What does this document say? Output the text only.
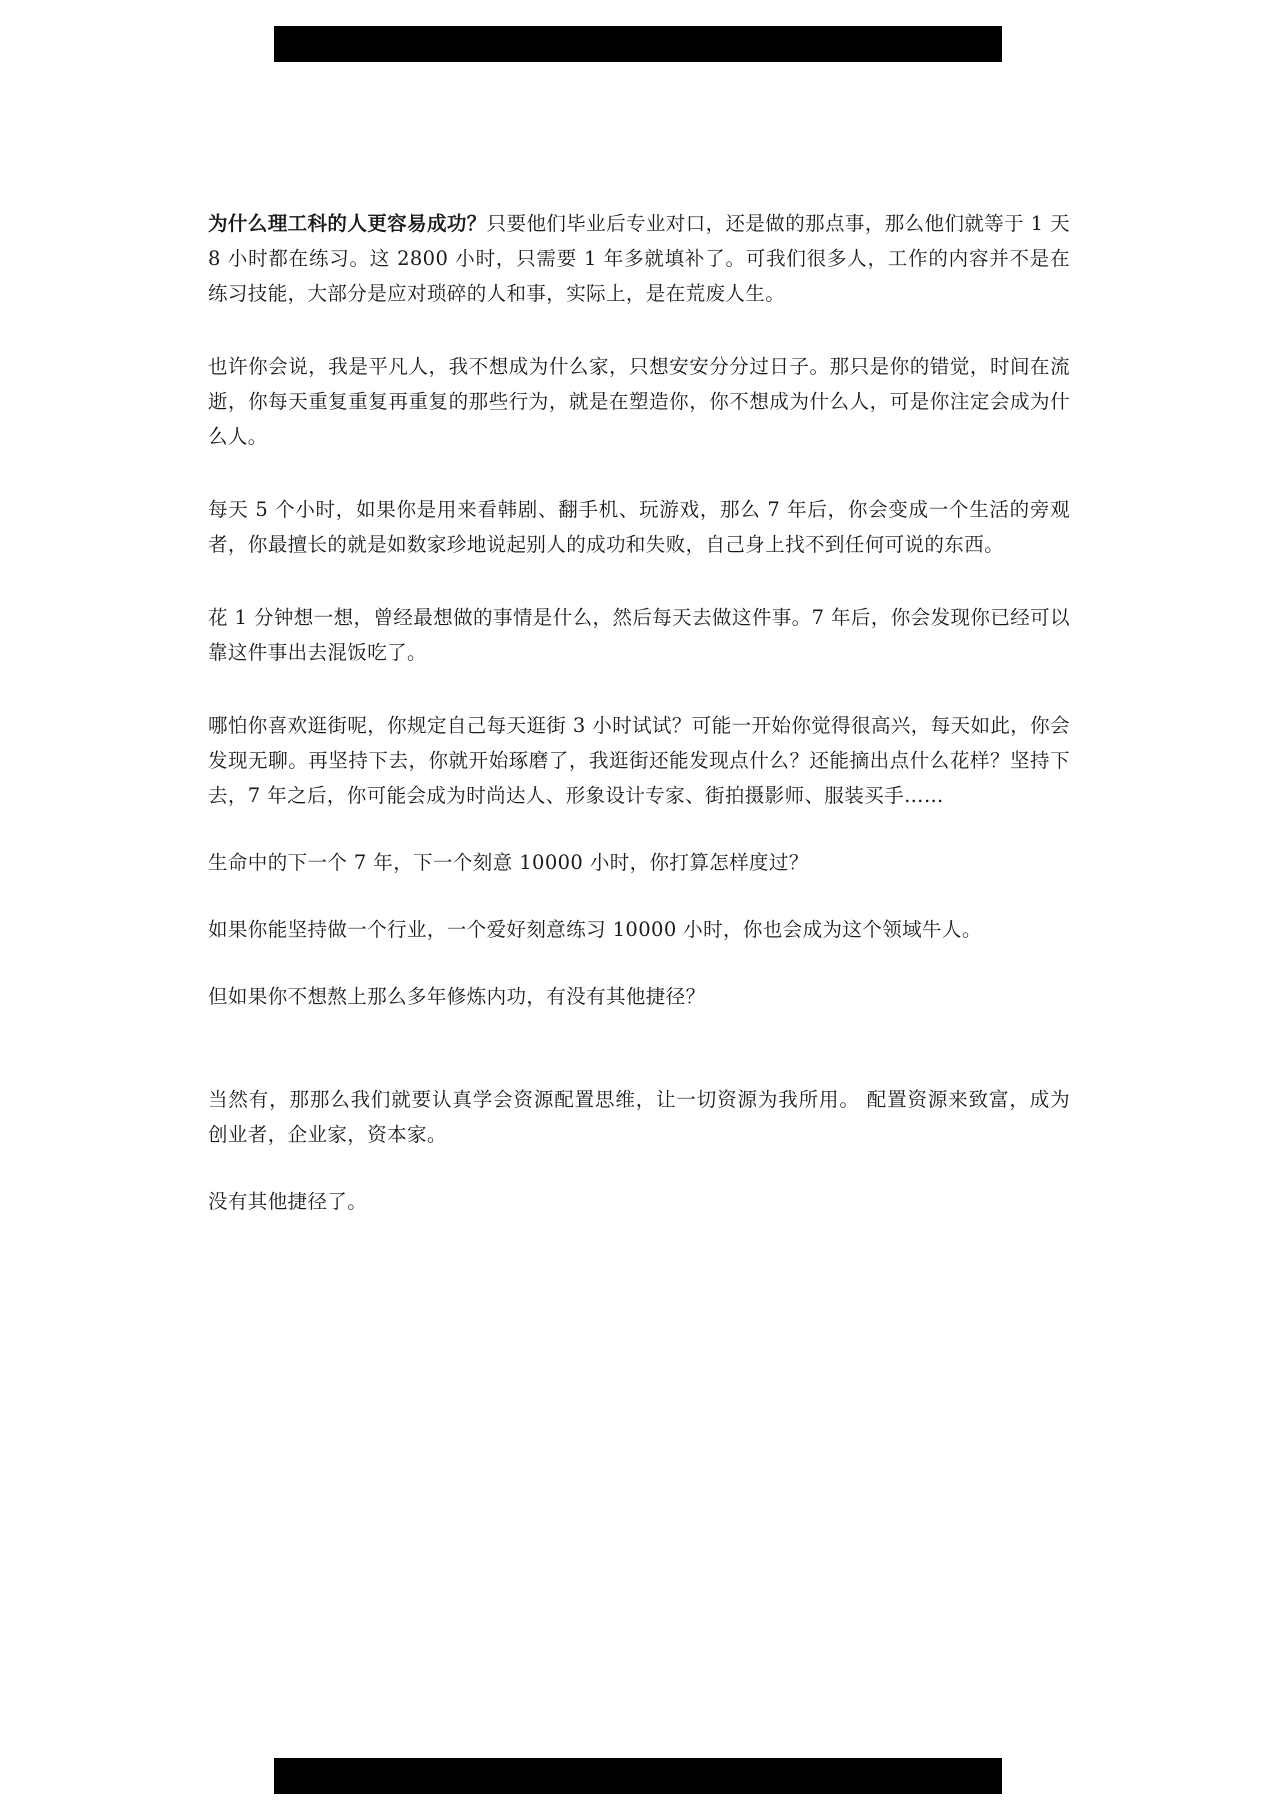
为什么理工科的人更容易成功？只要他们毕业后专业对口，还是做的那点事，那么他们就等于 1 天 8 小时都在练习。这 2800 小时，只需要 1 年多就填补了。可我们很多人，工作的内容并不是在练习技能，大部分是应对琐碎的人和事，实际上，是在荒废人生。

也许你会说，我是平凡人，我不想成为什么家，只想安安分分过日子。那只是你的错觉，时间在流逝，你每天重复重复再重复的那些行为，就是在塑造你，你不想成为什么人，可是你注定会成为什么人。

每天 5 个小时，如果你是用来看韩剧、翻手机、玩游戏，那么 7 年后，你会变成一个生活的旁观者，你最擅长的就是如数家珍地说起别人的成功和失败，自己身上找不到任何可说的东西。

花 1 分钟想一想，曾经最想做的事情是什么，然后每天去做这件事。7 年后，你会发现你已经可以靠这件事出去混饭吃了。

哪怕你喜欢逛街呢，你规定自己每天逛街 3 小时试试？可能一开始你觉得很高兴，每天如此，你会发现无聊。再坚持下去，你就开始琢磨了，我逛街还能发现点什么？还能摘出点什么花样？坚持下去，7 年之后，你可能会成为时尚达人、形象设计专家、街拍摄影师、服装买手……

生命中的下一个 7 年，下一个刻意 10000 小时，你打算怎样度过？

如果你能坚持做一个行业，一个爱好刻意练习 10000 小时，你也会成为这个领域牛人。

但如果你不想熬上那么多年修炼内功，有没有其他捷径？

当然有，那那么我们就要认真学会资源配置思维，让一切资源为我所用。 配置资源来致富，成为创业者，企业家，资本家。

没有其他捷径了。
